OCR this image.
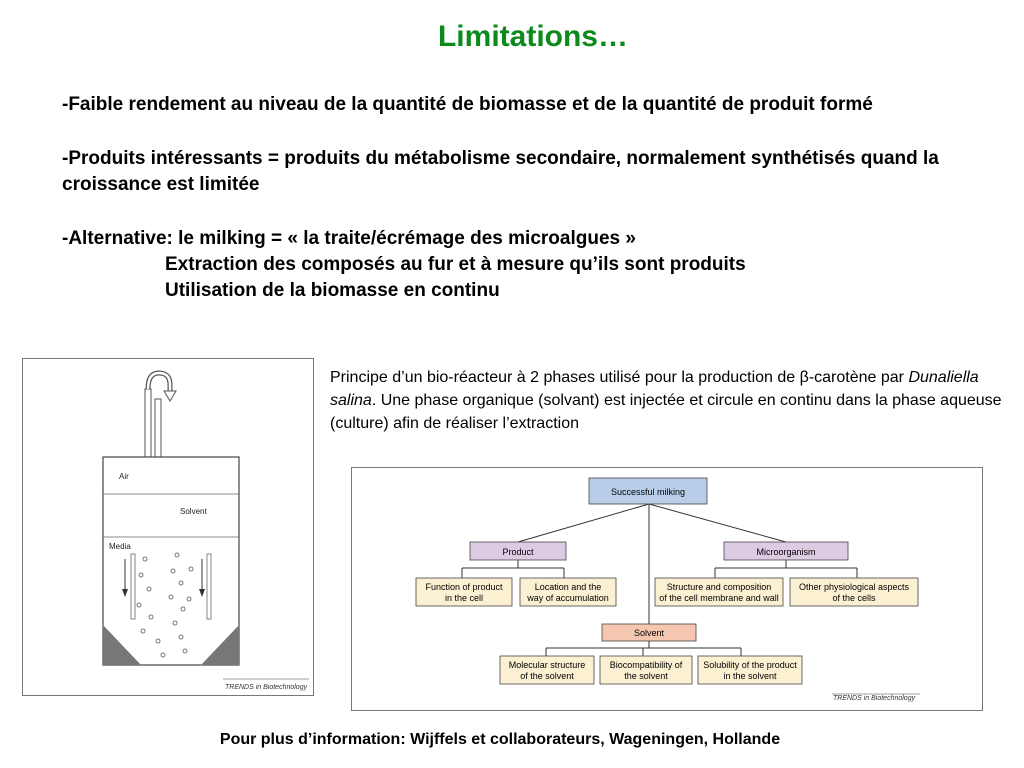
Limitations…

-Faible rendement au niveau de la quantité de biomasse et de la quantité de produit formé

-Produits intéressants = produits du métabolisme secondaire, normalement synthétisés quand la croissance est limitée

-Alternative: le milking = « la traite/écrémage des microalgues »

Extraction des composés au fur et à mesure qu’ils sont produits

Utilisation de la biomasse en continu

Air
Solvent
Media
TRENDS in Biotechnology
Principe d’un bio-réacteur à 2 phases utilisé pour la production de β-carotène par Dunaliella salina. Une phase organique (solvant) est injectée et circule en continu dans la phase aqueuse (culture) afin de réaliser l’extraction
Successful milking
Product	Microorganism
Function of product
in the cell
Location and the
way of accumulation
Structure and composition
of the cell membrane and wall
Other physiological aspects
of the cells
Solvent
Molecular structure
of the solvent
Biocompatibility of
the solvent
Solubility of the product
in the solvent
TRENDS in Biotechnology
Pour plus d’information: Wijffels et collaborateurs, Wageningen, Hollande
